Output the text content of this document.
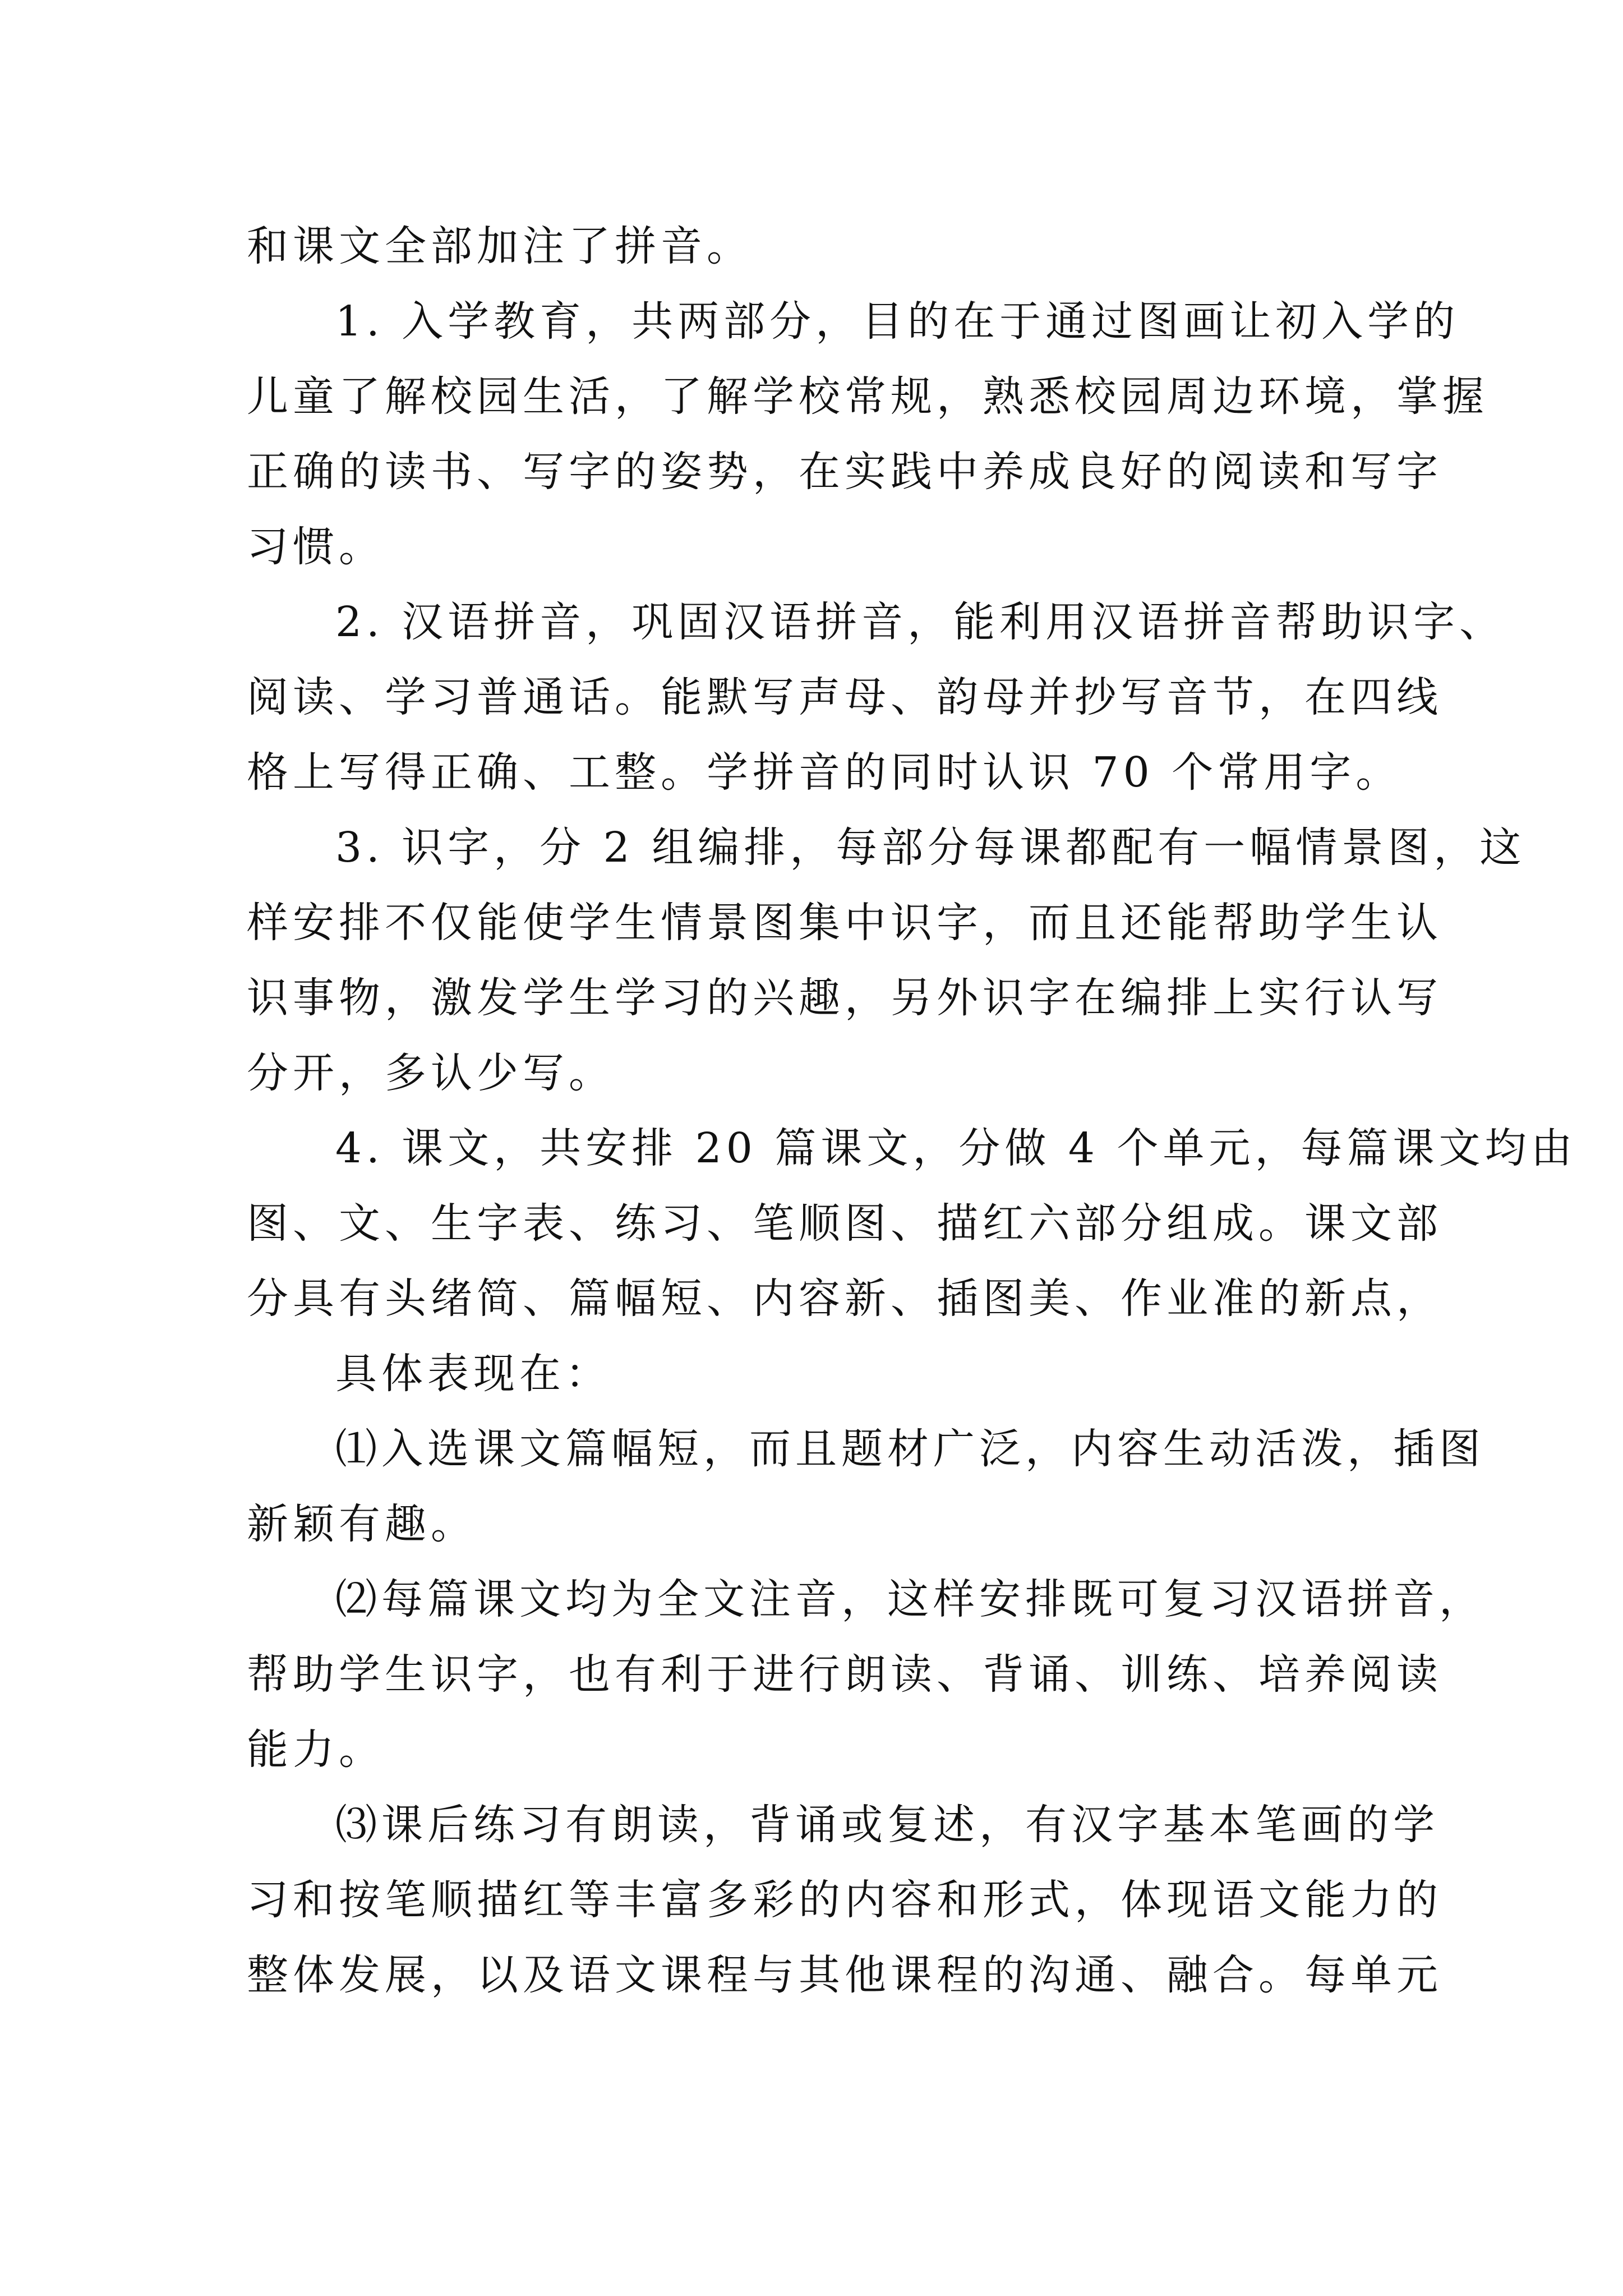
和课文全部加注了拼音。
1. 入学教育，共两部分，目的在于通过图画让初入学的
儿童了解校园生活，了解学校常规，熟悉校园周边环境，掌握
正确的读书、写字的姿势，在实践中养成良好的阅读和写字
习惯。
2. 汉语拼音，巩固汉语拼音，能利用汉语拼音帮助识字、
阅读、学习普通话。能默写声母、韵母并抄写音节，在四线
格上写得正确、工整。学拼音的同时认识 70 个常用字。
3. 识字，分 2 组编排，每部分每课都配有一幅情景图，这
样安排不仅能使学生情景图集中识字，而且还能帮助学生认
识事物，激发学生学习的兴趣，另外识字在编排上实行认写
分开，多认少写。
4. 课文，共安排 20 篇课文，分做 4 个单元，每篇课文均由
图、文、生字表、练习、笔顺图、描红六部分组成。课文部
分具有头绪简、篇幅短、内容新、插图美、作业准的新点，
具体表现在：
⑴入选课文篇幅短，而且题材广泛，内容生动活泼，插图
新颖有趣。
⑵每篇课文均为全文注音，这样安排既可复习汉语拼音，
帮助学生识字，也有利于进行朗读、背诵、训练、培养阅读
能力。
⑶课后练习有朗读，背诵或复述，有汉字基本笔画的学
习和按笔顺描红等丰富多彩的内容和形式，体现语文能力的
整体发展，以及语文课程与其他课程的沟通、融合。每单元
